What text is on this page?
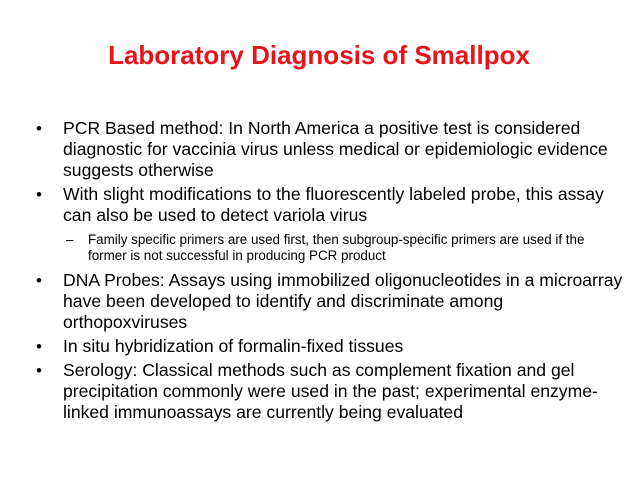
Laboratory Diagnosis of Smallpox
• PCR Based method: In North America a positive test is considered diagnostic for vaccinia virus unless medical or epidemiologic evidence suggests otherwise
• With slight modifications to the fluorescently labeled probe, this assay can also be used to detect variola virus
– Family specific primers are used first, then subgroup-specific primers are used if the former is not successful in producing PCR product
• DNA Probes: Assays using immobilized oligonucleotides in a microarray have been developed to identify and discriminate among orthopoxviruses
• In situ hybridization of formalin-fixed tissues
• Serology: Classical methods such as complement fixation and gel precipitation commonly were used in the past; experimental enzyme-linked immunoassays are currently being evaluated
